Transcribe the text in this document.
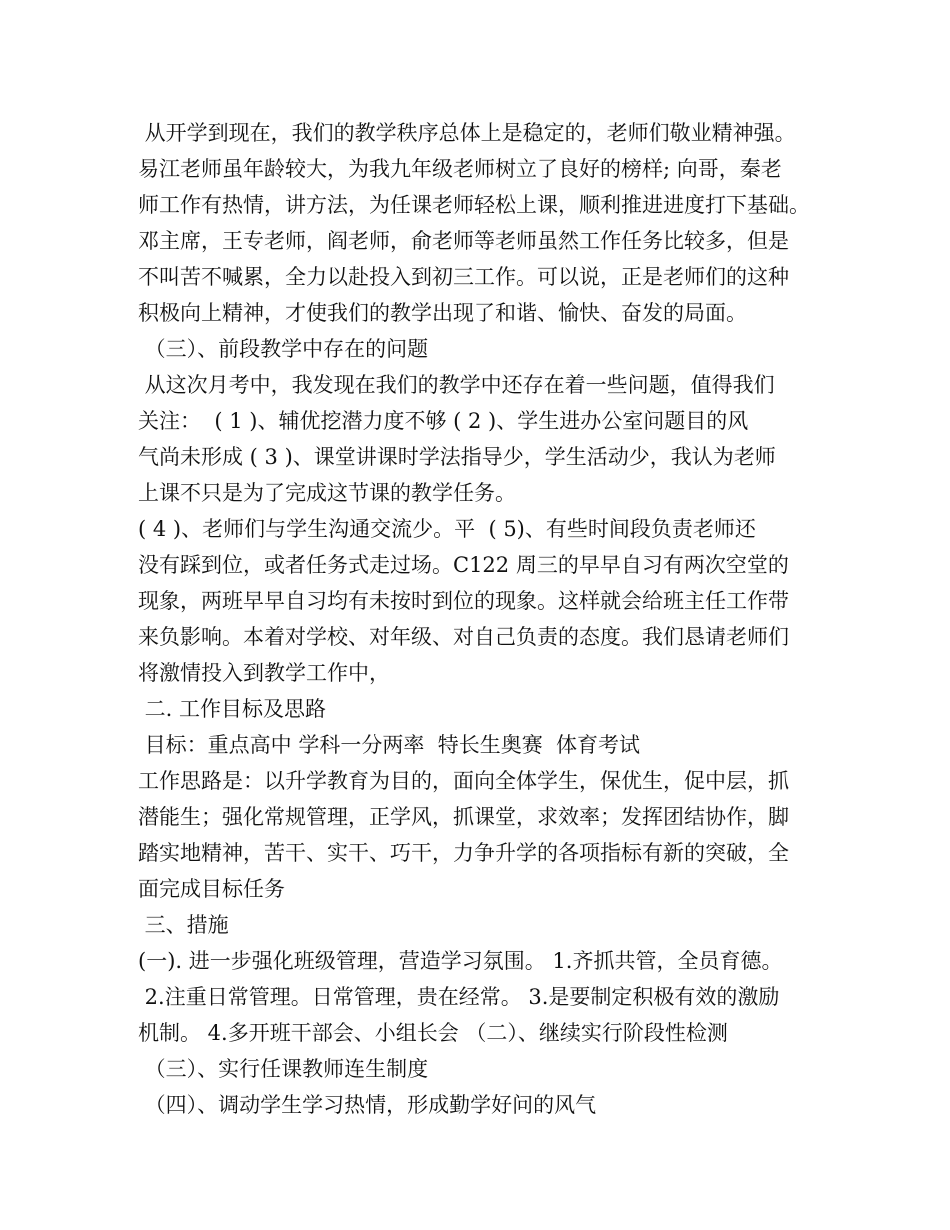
从开学到现在，我们的教学秩序总体上是稳定的，老师们敬业精神强。
易江老师虽年龄较大，为我九年级老师树立了良好的榜样; 向哥，秦老
师工作有热情，讲方法，为任课老师轻松上课，顺利推进进度打下基础。
邓主席，王专老师，阎老师，俞老师等老师虽然工作任务比较多，但是
不叫苦不喊累，全力以赴投入到初三工作。可以说，正是老师们的这种
积极向上精神，才使我们的教学出现了和谐、愉快、奋发的局面。
（三）、前段教学中存在的问题
从这次月考中，我发现在我们的教学中还存在着一些问题，值得我们
关注：  ( 1 )、辅优挖潜力度不够 ( 2 )、学生进办公室问题目的风
气尚未形成 ( 3 )、课堂讲课时学法指导少，学生活动少，我认为老师
上课不只是为了完成这节课的教学任务。
( 4 )、老师们与学生沟通交流少。平  ( 5)、有些时间段负责老师还
没有踩到位，或者任务式走过场。C122 周三的早早自习有两次空堂的
现象，两班早早自习均有未按时到位的现象。这样就会给班主任工作带
来负影响。本着对学校、对年级、对自己负责的态度。我们恳请老师们
将激情投入到教学工作中，
二. 工作目标及思路
目标：重点高中 学科一分两率  特长生奥赛  体育考试
工作思路是：以升学教育为目的，面向全体学生，保优生，促中层，抓
潜能生；强化常规管理，正学风，抓课堂，求效率；发挥团结协作，脚
踏实地精神，苦干、实干、巧干，力争升学的各项指标有新的突破，全
面完成目标任务
三、措施
(一). 进一步强化班级管理，营造学习氛围。 1.齐抓共管，全员育德。
2.注重日常管理。日常管理，贵在经常。 3.是要制定积极有效的激励
机制。 4.多开班干部会、小组长会 （二）、继续实行阶段性检测
（三）、实行任课教师连生制度
（四）、调动学生学习热情，形成勤学好问的风气
